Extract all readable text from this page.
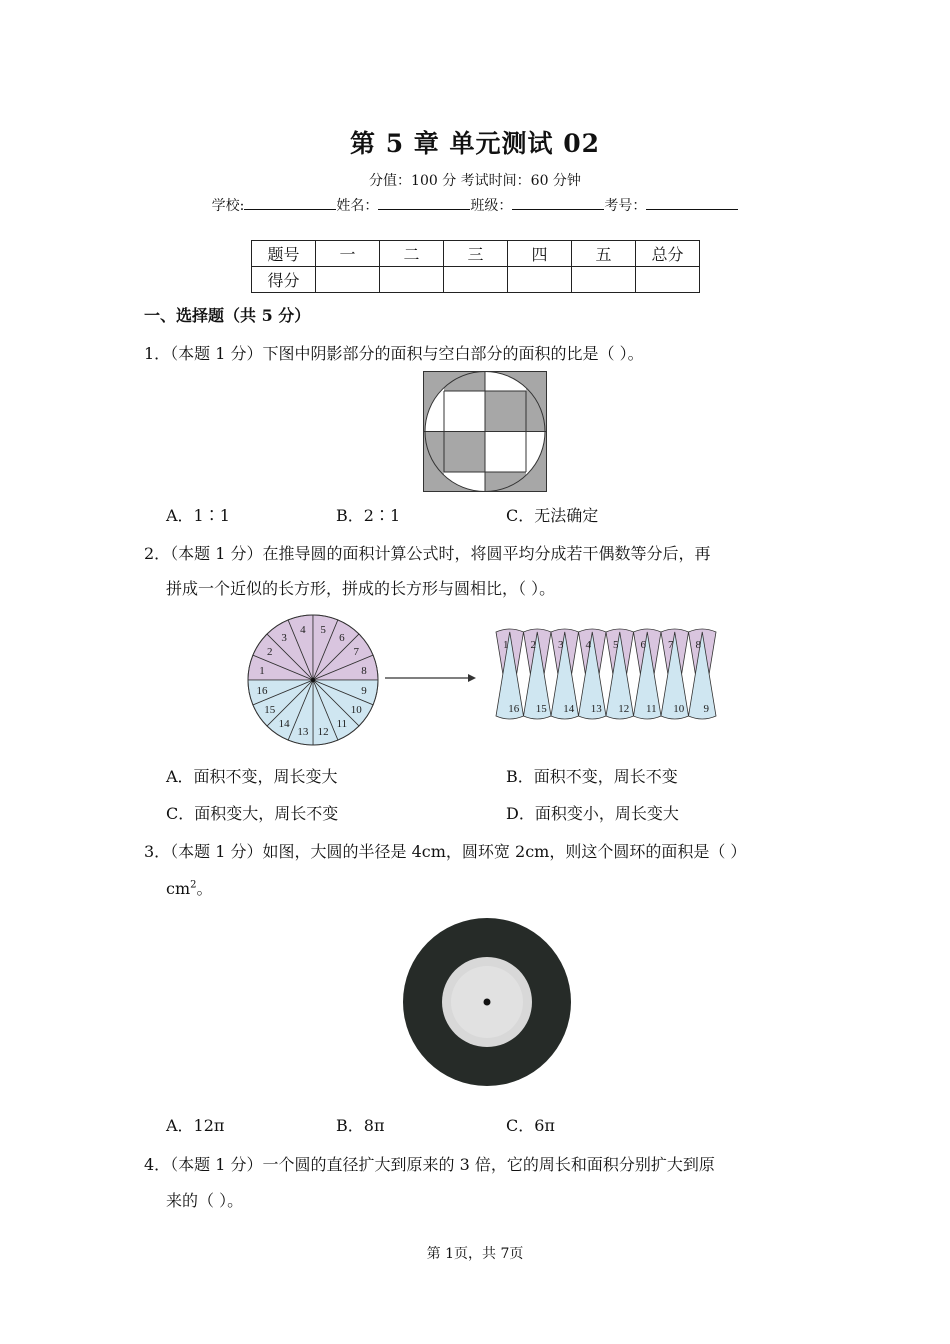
第 5 章 单元测试 02
分值：100 分 考试时间：60 分钟
学校:	姓名：	班级：	考号：
题号	一	二	三	四	五	总分
得分						
一、选择题（共 5 分）
1．（本题 1 分）下图中阴影部分的面积与空白部分的面积的比是（ ）。
A．1∶1	B．2∶1	C．无法确定
2．（本题 1 分）在推导圆的面积计算公式时，将圆平均分成若干偶数等分后，再
拼成一个近似的长方形，拼成的长方形与圆相比，（ ）。
1
2
3
4 5
6
7
8
9
10
11
12
13
14
15
16
1 2 3 4 5 6 7 8
16 15 14 13 12 11 10 9
A．面积不变，周长变大	B．面积不变，周长不变
C．面积变大，周长不变	D．面积变小，周长变大
3．（本题 1 分）如图，大圆的半径是 4cm，圆环宽 2cm，则这个圆环的面积是（ ）
$cm^2$。
A．12π	B．8π	C．6π
4．（本题 1 分）一个圆的直径扩大到原来的 3 倍，它的周长和面积分别扩大到原
来的（ ）。
第 1页，共 7页
